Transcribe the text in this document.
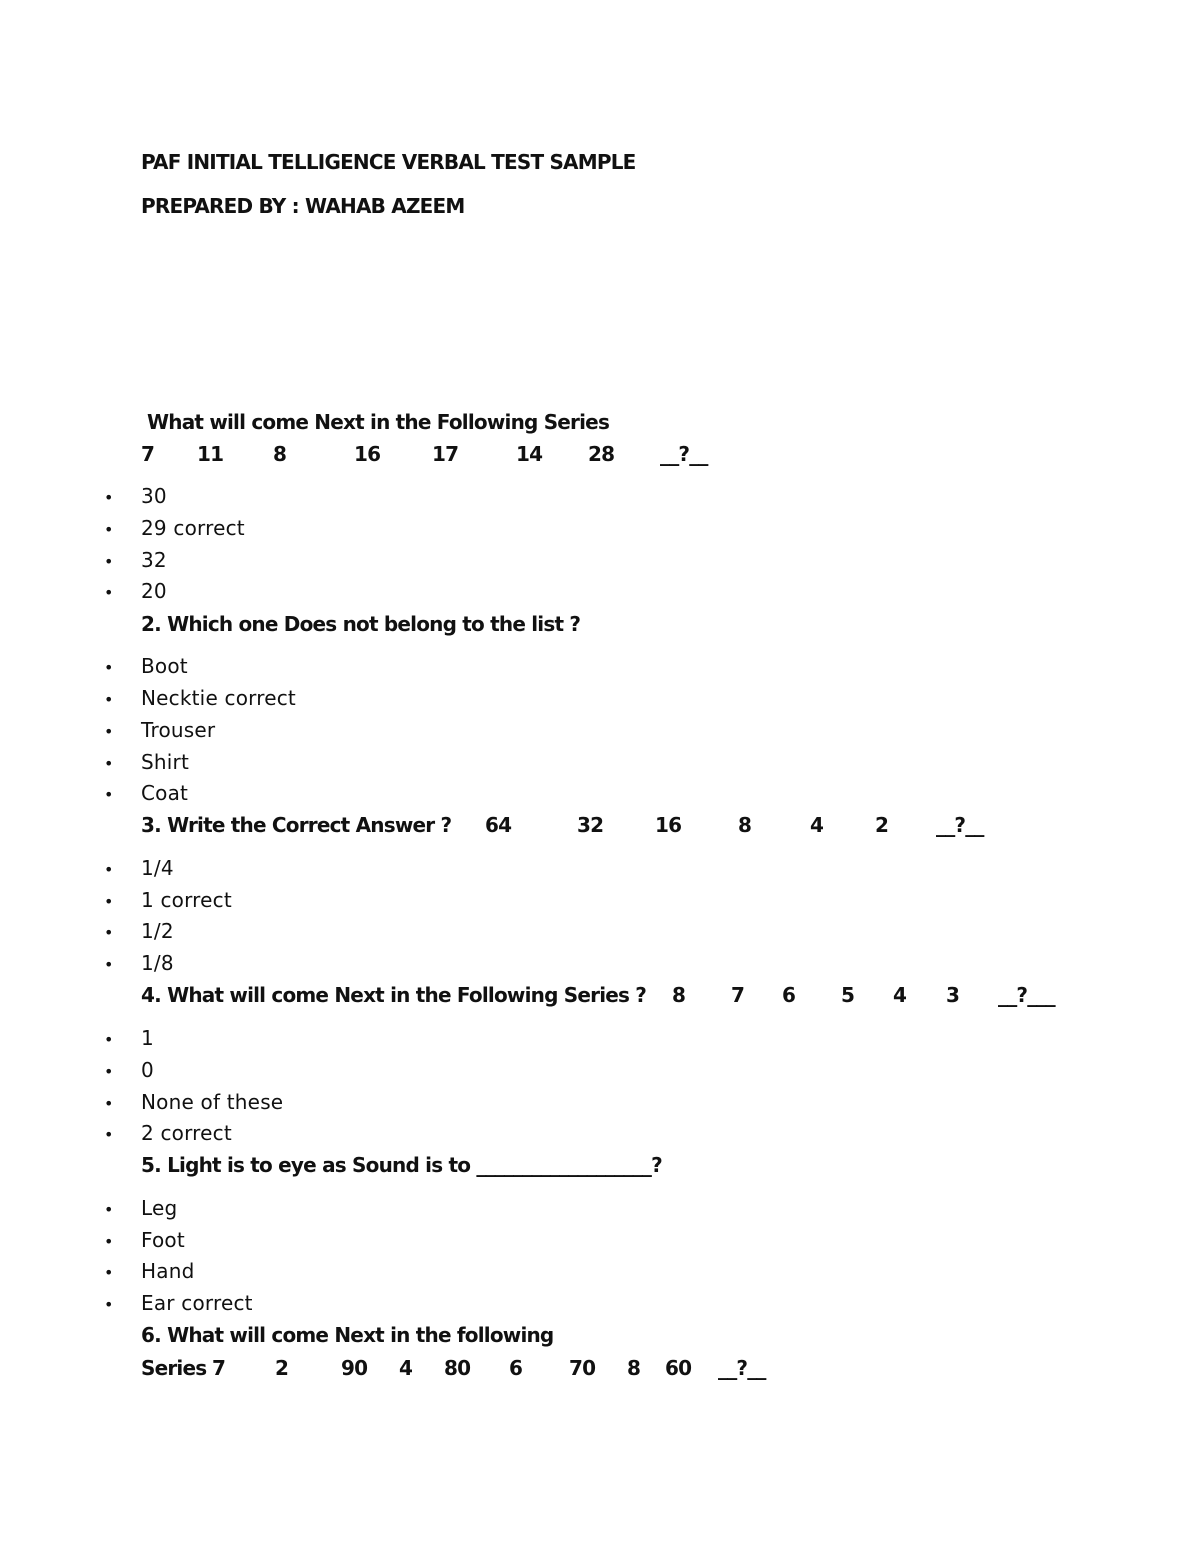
PAF INITIAL TELLIGENCE VERBAL TEST SAMPLE
PREPARED BY : WAHAB AZEEM
What will come Next in the Following Series
7 11 8	16	17	14 28 __?__
• 30
• 29 correct
• 32
• 20
2. Which one Does not belong to the list ?
• Boot
• Necktie correct
• Trouser
• Shirt
• Coat
3. Write the Correct Answer ? 64	32	16	8	4	2 __?__
• 1/4
• 1 correct
• 1/2
• 1/8
4. What will come Next in the Following Series ? 8 7 6 5 4 3 __?___
• 1
• 0
• None of these
• 2 correct
5. Light is to eye as Sound is to ___________________?
• Leg
• Foot
• Hand
• Ear correct
6. What will come Next in the following
Series 7 2	90 4 80 6 70 8 60 __?__
